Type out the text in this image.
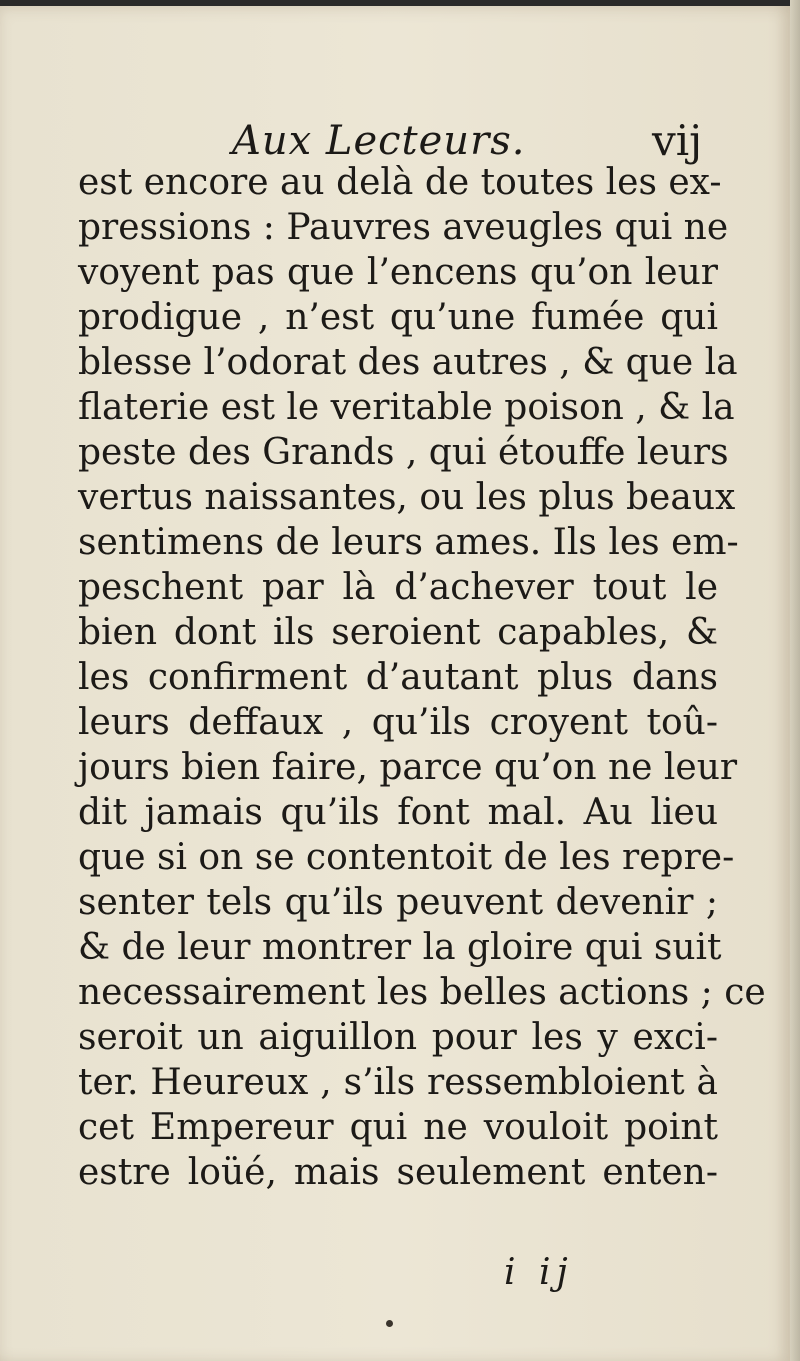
Aux Lecteurs.	vij
est encore au delà de toutes les ex-
pressions : Pauvres aveugles qui ne
voyent pas que l’encens qu’on leur
prodigue , n’est qu’une fumée qui
blesse l’odorat des autres , & que la
flaterie est le veritable poison , & la
peste des Grands , qui étouffe leurs
vertus naissantes, ou les plus beaux
sentimens de leurs ames. Ils les em-
peschent par là d’achever tout le
bien dont ils seroient capables, &
les confirment d’autant plus dans
leurs deffaux , qu’ils croyent toû-
jours bien faire, parce qu’on ne leur
dit jamais qu’ils font mal. Au lieu
que si on se contentoit de les repre-
senter tels qu’ils peuvent devenir ;
& de leur montrer la gloire qui suit
necessairement les belles actions ; ce
seroit un aiguillon pour les y exci-
ter. Heureux , s’ils ressembloient à
cet Empereur qui ne vouloit point
estre loüé, mais seulement enten-
i ij
